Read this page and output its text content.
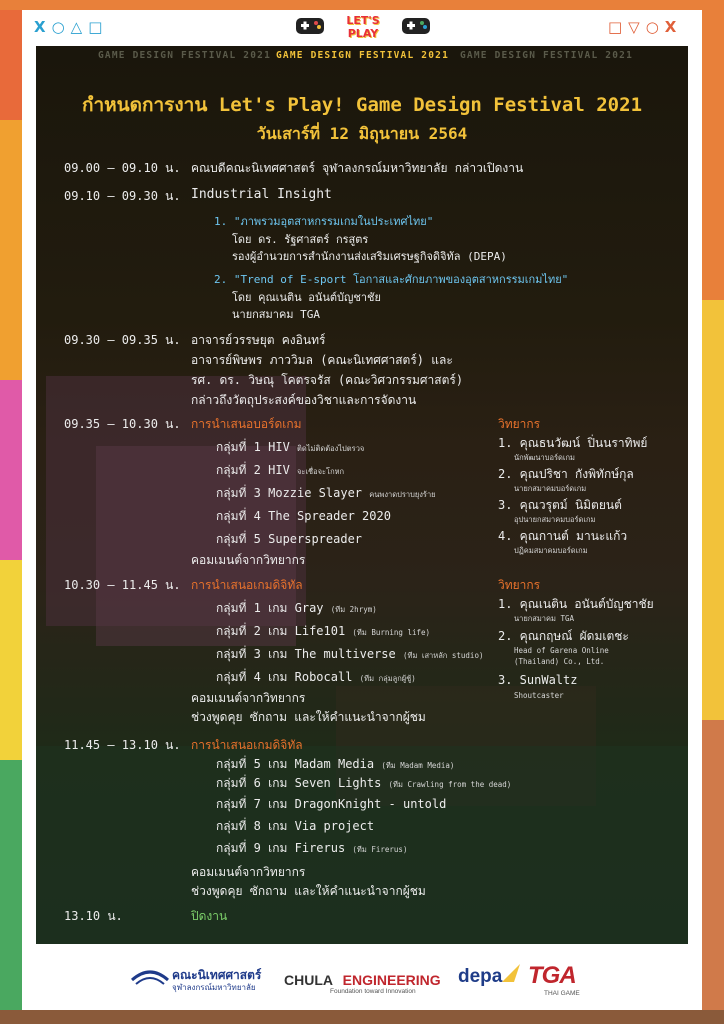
X○△□	□▽○X
LET'S PLAY
GAME DESIGN FESTIVAL 2021 GAME DESIGN FESTIVAL 2021 GAME DESIGN FESTIVAL 2021
กำหนดการงาน Let's Play! Game Design Festival 2021
วันเสาร์ที่ 12 มิถุนายน 2564
09.00 – 09.10 น. คณบดีคณะนิเทศศาสตร์ จุฬาลงกรณ์มหาวิทยาลัย กล่าวเปิดงาน
09.10 – 09.30 น. Industrial Insight
1. "ภาพรวมอุตสาหกรรมเกมในประเทศไทย"
โดย ดร. รัฐศาสตร์ กรสูตร
รองผู้อำนวยการสำนักงานส่งเสริมเศรษฐกิจดิจิทัล (DEPA)
2. "Trend of E-sport โอกาสและศักยภาพของอุตสาหกรรมเกมไทย"
โดย คุณเนติน อนันต์บัญชาชัย
นายกสมาคม TGA
09.30 – 09.35 น. อาจารย์วรรษยุต คงอินทร์
อาจารย์พิษพร ภาววิมล (คณะนิเทศศาสตร์) และ
รศ. ดร. วิษณุ โคตรจรัส (คณะวิศวกรรมศาสตร์)
กล่าวถึงวัตถุประสงค์ของวิชาและการจัดงาน
09.35 – 10.30 น. การนำเสนอบอร์ดเกม
กลุ่มที่ 1 HIV ติดไม่ติดต้องไปตรวจ
กลุ่มที่ 2 HIV จะเชื่อจะโกหก
กลุ่มที่ 3 Mozzie Slayer คนพงาดปราบยุงร้าย
กลุ่มที่ 4 The Spreader 2020
กลุ่มที่ 5 Superspreader
คอมเมนต์จากวิทยากร
วิทยากร
1. คุณธนวัฒน์ ปิ่นนราทิพย์
นักพัฒนาบอร์ดเกม
2. คุณปริชา กังพิทักษ์กุล
นายกสมาคมบอร์ดเกม
3. คุณวรุตม์ นิมิตยนต์
อุปนายกสมาคมบอร์ดเกม
4. คุณกานต์ มานะแก้ว
ปฏิคมสมาคมบอร์ดเกม
10.30 – 11.45 น. การนำเสนอเกมดิจิทัล
กลุ่มที่ 1 เกม Gray (ทีม 2hrym)
กลุ่มที่ 2 เกม Life101 (ทีม Burning life)
กลุ่มที่ 3 เกม The multiverse (ทีม เสาหลัก studio)
กลุ่มที่ 4 เกม Robocall (ทีม กลุ่มลูกผู้ชู้)
คอมเมนต์จากวิทยากร
ช่วงพูดคุย ซักถาม และให้คำแนะนำจากผู้ชม
วิทยากร
1. คุณเนติน อนันต์บัญชาชัย
นายกสมาคม TGA
2. คุณกฤษณ์ ผัดมเตชะ
Head of Garena Online
(Thailand) Co., Ltd.
3. SunWaltz
Shoutcaster
11.45 – 13.10 น. การนำเสนอเกมดิจิทัล
กลุ่มที่ 5 เกม Madam Media (ทีม Madam Media)
กลุ่มที่ 6 เกม Seven Lights (ทีม Crawling from the dead)
กลุ่มที่ 7 เกม DragonKnight - untold
กลุ่มที่ 8 เกม Via project
กลุ่มที่ 9 เกม Firerus (ทีม Firerus)
คอมเมนต์จากวิทยากร
ช่วงพูดคุย ซักถาม และให้คำแนะนำจากผู้ชม
13.10 น.	ปิดงาน
คณะนิเทศศาสตร์
จุฬาลงกรณ์มหาวิทยาลัย CHULA ENGINEERING
Foundation toward Innovation
depa TGA
THAI GAME
